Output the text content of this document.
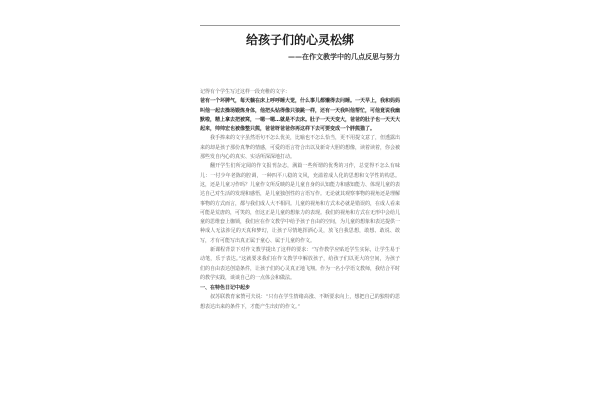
给孩子们的心灵松绑
——在作文教学中的几点反思与努力

记得有个学生写过这样一段充稚的文字：

爸有一个坏脾气，每天躺在床上呼呼睡大觉，什么事儿都懒得去问睡。一天早上，我和妈妈叫他一起去操场锻炼身体，他把头钻得像只狼跳一样，还有一天我叫他帮忙，可他竟说我幽默啦，精上拿去把被窝，一嗯一嗯…就是不去床。肚子一天天变大，爸爸的肚子也一天天大起来，帅帅宏也被像整只熊，爸爸呀爸爸你再这样下去可要变成一个胖熊猫了。

我手捧来的文字虽然语句不怎么优美，比喻也不怎么恰当，更不用提文意了，但透露出来的却是孩子那份真挚的情感，可爱的语言符合出以及新奇大胆的想像，读着读着，你会被那些发自内心的真实、实话所深深地打动。

翻开学生们所定阅的作文报刊杂志，满篇一些所谓的优秀的习作，总觉得不怎么有味儿：一付少年老陈的腔调，一种四平八稳的文风，充溢着成人化的思想和文学性的构思。这，还是儿童习作吗？儿童作文所反映的是儿童自身的认知能力和感知能力、体现儿童的表达自己对生活的发现和感悟，是儿童独创性的言语写作。无论就其观察事物的视角还是理解事物的方式而言，都与我们成人大不相同。儿童的视角和方式未必就是错误的，在成人看来可能是荒唐的，可笑的，但这正是儿童的想象力的表现。我们的视角和方式在无形中会给儿童的思维套上枷锁，我们应在作文教学中给予孩子自由的空间，为儿童的想象和表达提供一种成人无法涉足的天真和梦幻，让孩子尽情地挥洒心灵，放飞自我思想，敢想、敢说、敢写，才有可能写出真正属于童心、属于儿童的作文。

新课程背景下对作文教学提出了这样的要求：“写作教学应贴近学生实际，让学生易于动笔，乐于表达。”这就要求我们在作文教学中解放孩子，给孩子们以更大的空间，为孩子们的自由表达创造条件，让孩子们的心灵真正地飞翔。作为一名小学语文教师，我结合平时的教学实践，谈谈自己的一点体会和做法。

一、在特色日记中起步

叔苏联教育家赞可夫说：“只有在学生情绪高涨、不断要求向上，想把自己的独特的思想表达出来的条件下，才能产生出好的作文。”
